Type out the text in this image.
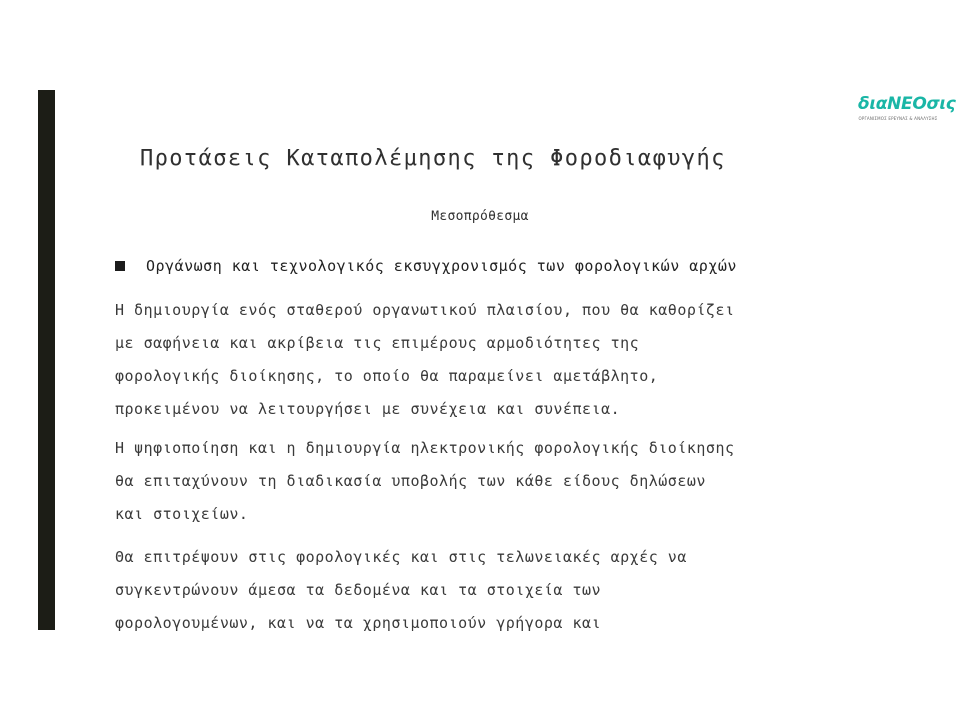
διαΝΕΟσις
ΟΡΓΑΝΙΣΜΟΣ ΕΡΕΥΝΑΣ & ΑΝΑΛΥΣΗΣ
Προτάσεις Καταπολέμησης της Φοροδιαφυγής
Μεσοπρόθεσμα
Οργάνωση και τεχνολογικός εκσυγχρονισμός των φορολογικών αρχών

Η δημιουργία ενός σταθερού οργανωτικού πλαισίου, που θα καθορίζει
με σαφήνεια και ακρίβεια τις επιμέρους αρμοδιότητες της
φορολογικής διοίκησης, το οποίο θα παραμείνει αμετάβλητο,
προκειμένου να λειτουργήσει με συνέχεια και συνέπεια.

Η ψηφιοποίηση και η δημιουργία ηλεκτρονικής φορολογικής διοίκησης
θα επιταχύνουν τη διαδικασία υποβολής των κάθε είδους δηλώσεων
και στοιχείων.

Θα επιτρέψουν στις φορολογικές και στις τελωνειακές αρχές να
συγκεντρώνουν άμεσα τα δεδομένα και τα στοιχεία των
φορολογουμένων, και να τα χρησιμοποιούν γρήγορα και
